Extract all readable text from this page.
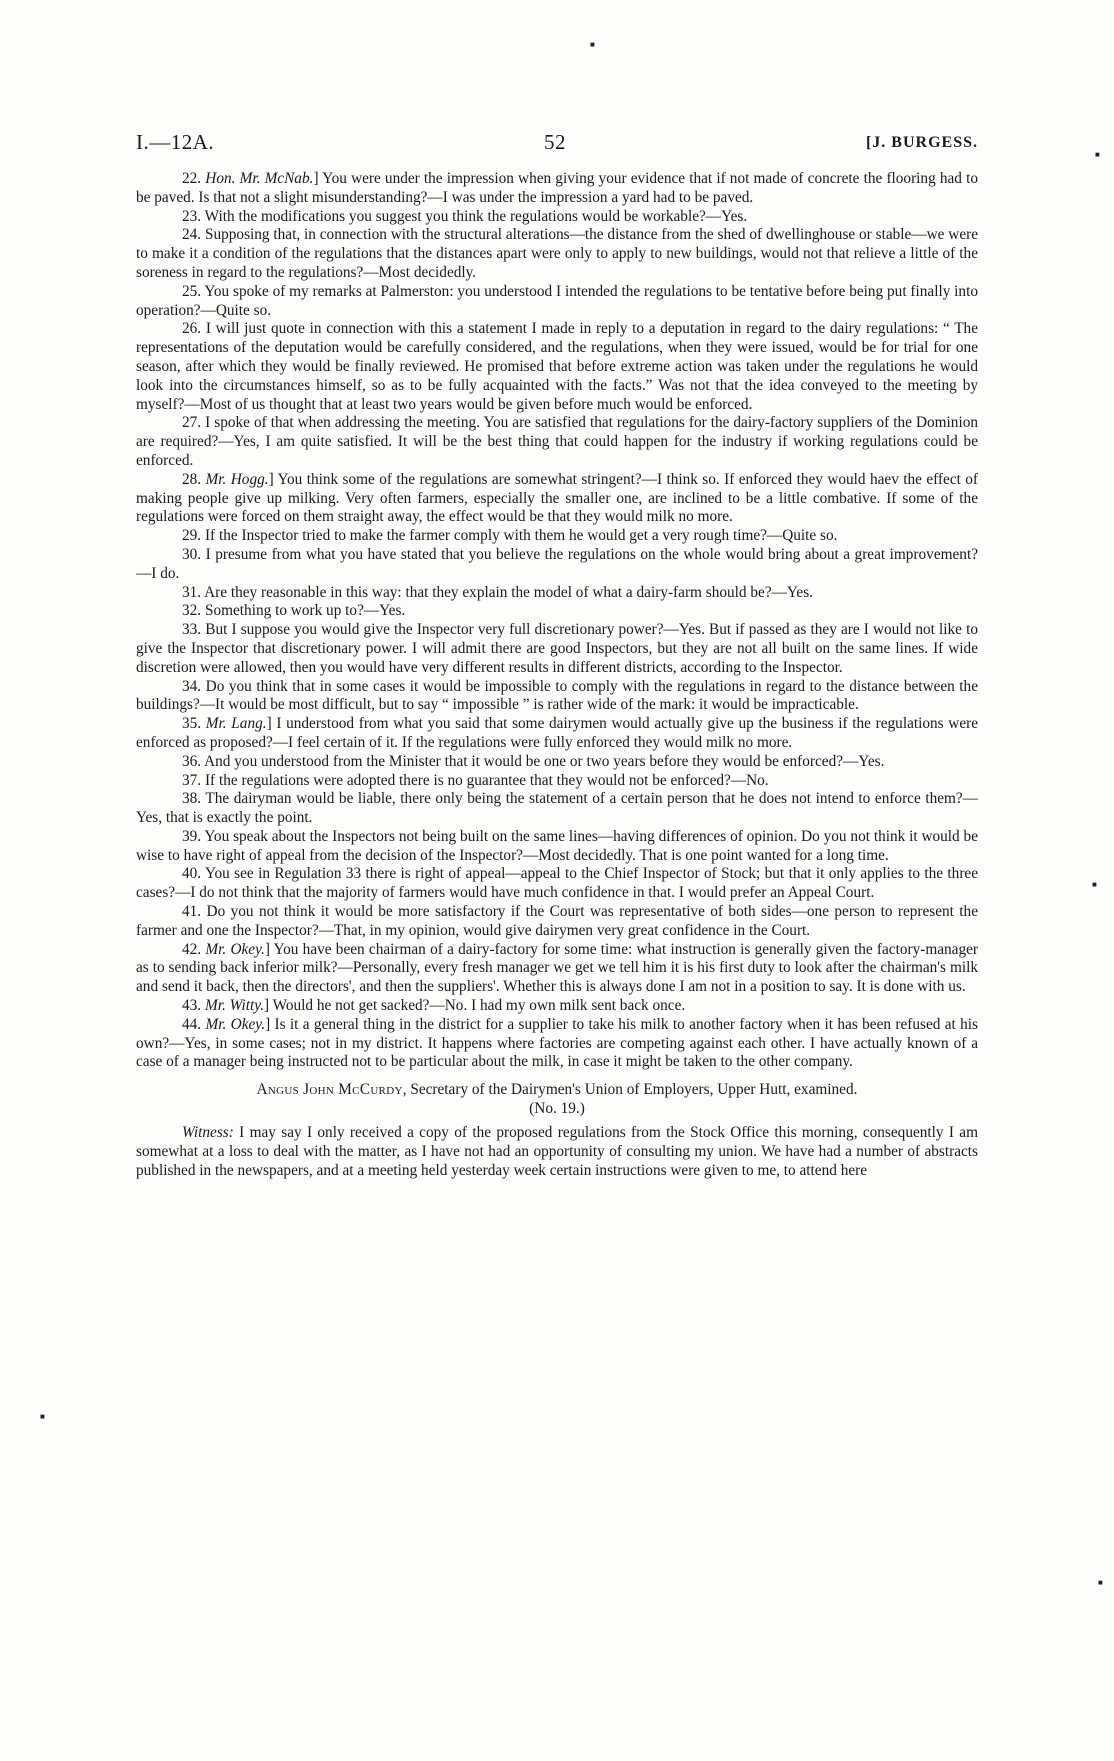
I.—12A.	52	[J. BURGESS.

22. Hon. Mr. McNab.] You were under the impression when giving your evidence that if not made of concrete the flooring had to be paved. Is that not a slight misunderstanding?—I was under the impression a yard had to be paved.

23. With the modifications you suggest you think the regulations would be workable?—Yes.

24. Supposing that, in connection with the structural alterations—the distance from the shed of dwellinghouse or stable—we were to make it a condition of the regulations that the distances apart were only to apply to new buildings, would not that relieve a little of the soreness in regard to the regulations?—Most decidedly.

25. You spoke of my remarks at Palmerston: you understood I intended the regulations to be tentative before being put finally into operation?—Quite so.

26. I will just quote in connection with this a statement I made in reply to a deputation in regard to the dairy regulations: “ The representations of the deputation would be carefully considered, and the regulations, when they were issued, would be for trial for one season, after which they would be finally reviewed. He promised that before extreme action was taken under the regulations he would look into the circumstances himself, so as to be fully acquainted with the facts.” Was not that the idea conveyed to the meeting by myself?—Most of us thought that at least two years would be given before much would be enforced.

27. I spoke of that when addressing the meeting. You are satisfied that regulations for the dairy-factory suppliers of the Dominion are required?—Yes, I am quite satisfied. It will be the best thing that could happen for the industry if working regulations could be enforced.

28. Mr. Hogg.] You think some of the regulations are somewhat stringent?—I think so. If enforced they would haev the effect of making people give up milking. Very often farmers, especially the smaller one, are inclined to be a little combative. If some of the regulations were forced on them straight away, the effect would be that they would milk no more.

29. If the Inspector tried to make the farmer comply with them he would get a very rough time?—Quite so.

30. I presume from what you have stated that you believe the regulations on the whole would bring about a great improvement?—I do.

31. Are they reasonable in this way: that they explain the model of what a dairy-farm should be?—Yes.

32. Something to work up to?—Yes.

33. But I suppose you would give the Inspector very full discretionary power?—Yes. But if passed as they are I would not like to give the Inspector that discretionary power. I will admit there are good Inspectors, but they are not all built on the same lines. If wide discretion were allowed, then you would have very different results in different districts, according to the Inspector.

34. Do you think that in some cases it would be impossible to comply with the regulations in regard to the distance between the buildings?—It would be most difficult, but to say “ impossible ” is rather wide of the mark: it would be impracticable.

35. Mr. Lang.] I understood from what you said that some dairymen would actually give up the business if the regulations were enforced as proposed?—I feel certain of it. If the regulations were fully enforced they would milk no more.

36. And you understood from the Minister that it would be one or two years before they would be enforced?—Yes.

37. If the regulations were adopted there is no guarantee that they would not be enforced?—No.

38. The dairyman would be liable, there only being the statement of a certain person that he does not intend to enforce them?—Yes, that is exactly the point.

39. You speak about the Inspectors not being built on the same lines—having differences of opinion. Do you not think it would be wise to have right of appeal from the decision of the Inspector?—Most decidedly. That is one point wanted for a long time.

40. You see in Regulation 33 there is right of appeal—appeal to the Chief Inspector of Stock; but that it only applies to the three cases?—I do not think that the majority of farmers would have much confidence in that. I would prefer an Appeal Court.

41. Do you not think it would be more satisfactory if the Court was representative of both sides—one person to represent the farmer and one the Inspector?—That, in my opinion, would give dairymen very great confidence in the Court.

42. Mr. Okey.] You have been chairman of a dairy-factory for some time: what instruction is generally given the factory-manager as to sending back inferior milk?—Personally, every fresh manager we get we tell him it is his first duty to look after the chairman's milk and send it back, then the directors', and then the suppliers'. Whether this is always done I am not in a position to say. It is done with us.

43. Mr. Witty.] Would he not get sacked?—No. I had my own milk sent back once.

44. Mr. Okey.] Is it a general thing in the district for a supplier to take his milk to another factory when it has been refused at his own?—Yes, in some cases; not in my district. It happens where factories are competing against each other. I have actually known of a case of a manager being instructed not to be particular about the milk, in case it might be taken to the other company.

Angus John McCurdy, Secretary of the Dairymen's Union of Employers, Upper Hutt, examined.
(No. 19.)

Witness: I may say I only received a copy of the proposed regulations from the Stock Office this morning, consequently I am somewhat at a loss to deal with the matter, as I have not had an opportunity of consulting my union. We have had a number of abstracts published in the newspapers, and at a meeting held yesterday week certain instructions were given to me, to attend here

■
■
■
■
■
